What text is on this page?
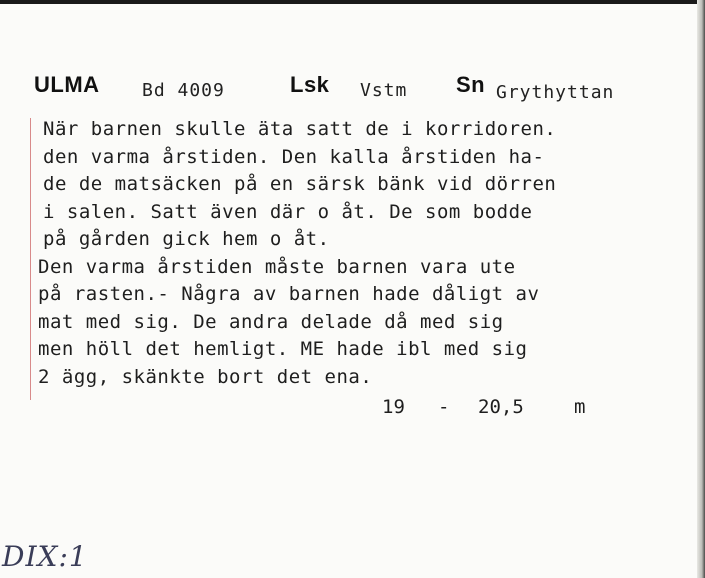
ULMA Bd 4009	Lsk Vstm Sn Grythyttan
När barnen skulle äta satt de i korridoren.
den varma årstiden. Den kalla årstiden ha-
de de matsäcken på en särsk bänk vid dörren
i salen. Satt även där o åt. De som bodde
på gården gick hem o åt.
Den varma årstiden måste barnen vara ute
på rasten.- Några av barnen hade dåligt av
mat med sig. De andra delade då med sig
men höll det hemligt. ME hade ibl med sig
2 ägg, skänkte bort det ena.
19 - 20,5	m
DIX:1
